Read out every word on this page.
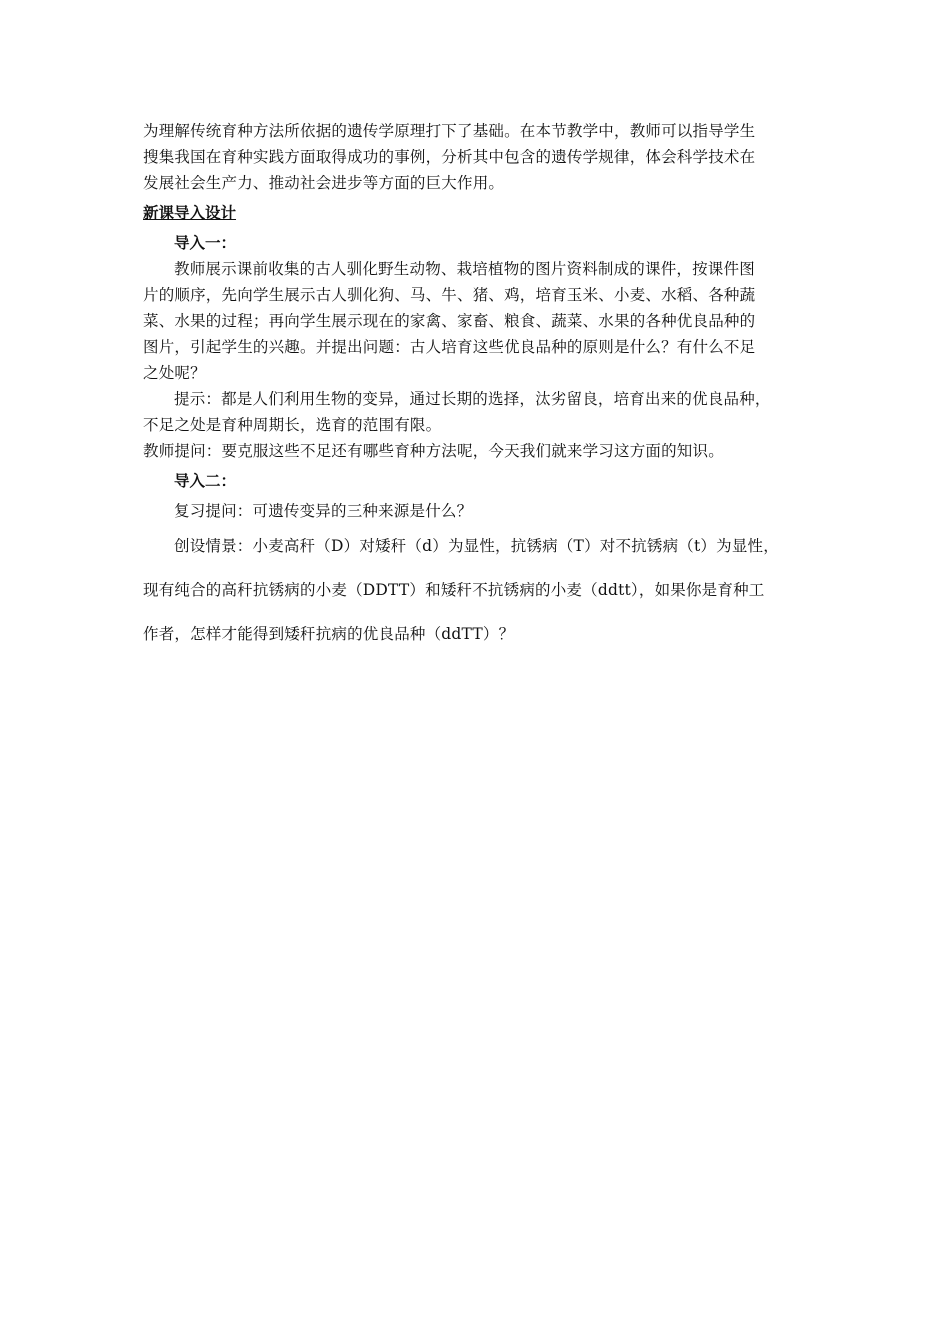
为理解传统育种方法所依据的遗传学原理打下了基础。在本节教学中，教师可以指导学生
搜集我国在育种实践方面取得成功的事例，分析其中包含的遗传学规律，体会科学技术在
发展社会生产力、推动社会进步等方面的巨大作用。
新课导入设计
导入一：
教师展示课前收集的古人驯化野生动物、栽培植物的图片资料制成的课件，按课件图
片的顺序，先向学生展示古人驯化狗、马、牛、猪、鸡，培育玉米、小麦、水稻、各种蔬
菜、水果的过程；再向学生展示现在的家禽、家畜、粮食、蔬菜、水果的各种优良品种的
图片，引起学生的兴趣。并提出问题：古人培育这些优良品种的原则是什么？有什么不足
之处呢？
提示：都是人们利用生物的变异，通过长期的选择，汰劣留良，培育出来的优良品种，
不足之处是育种周期长，选育的范围有限。
教师提问：要克服这些不足还有哪些育种方法呢，今天我们就来学习这方面的知识。
导入二：
复习提问：可遗传变异的三种来源是什么？
创设情景：小麦高秆（D）对矮秆（d）为显性，抗锈病（T）对不抗锈病（t）为显性，
现有纯合的高秆抗锈病的小麦（DDTT）和矮秆不抗锈病的小麦（ddtt），如果你是育种工
作者，怎样才能得到矮秆抗病的优良品种（ddTT）？
